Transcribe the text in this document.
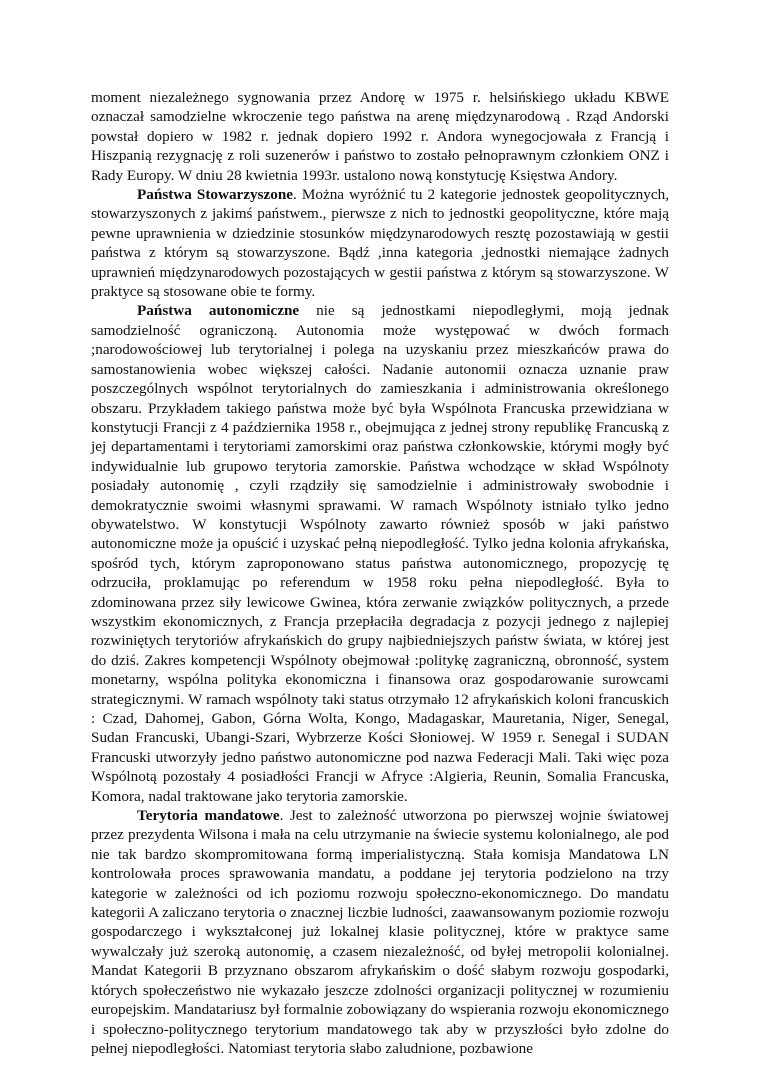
moment niezależnego sygnowania przez Andorę w 1975 r. helsińskiego układu KBWE oznaczał samodzielne wkroczenie tego państwa na arenę międzynarodową . Rząd Andorski powstał dopiero w 1982 r. jednak dopiero 1992 r. Andora wynegocjowała z Francją i Hiszpanią rezygnację z roli suzenerów i państwo to zostało pełnoprawnym członkiem ONZ i Rady Europy. W dniu 28 kwietnia 1993r. ustalono nową konstytucję Księstwa Andory.

Państwa Stowarzyszone. Można wyróżnić tu 2 kategorie jednostek geopolitycznych, stowarzyszonych z jakimś państwem., pierwsze z nich to jednostki geopolityczne, które mają pewne uprawnienia w dziedzinie stosunków międzynarodowych resztę pozostawiają w gestii państwa z którym są stowarzyszone. Bądź ,inna kategoria ,jednostki niemające żadnych uprawnień międzynarodowych pozostających w gestii państwa z którym są stowarzyszone. W praktyce są stosowane obie te formy.

Państwa autonomiczne nie są jednostkami niepodległymi, moją jednak samodzielność ograniczoną. Autonomia może występować w dwóch formach ;narodowościowej lub terytorialnej i polega na uzyskaniu przez mieszkańców prawa do samostanowienia wobec większej całości. Nadanie autonomii oznacza uznanie praw poszczególnych wspólnot terytorialnych do zamieszkania i administrowania określonego obszaru. Przykładem takiego państwa może być była Wspólnota Francuska przewidziana w konstytucji Francji z 4 października 1958 r., obejmująca z jednej strony republikę Francuską z jej departamentami i terytoriami zamorskimi oraz państwa członkowskie, którymi mogły być indywidualnie lub grupowo terytoria zamorskie. Państwa wchodzące w skład Wspólnoty posiadały autonomię , czyli rządziły się samodzielnie i administrowały swobodnie i demokratycznie swoimi własnymi sprawami. W ramach Wspólnoty istniało tylko jedno obywatelstwo. W konstytucji Wspólnoty zawarto również sposób w jaki państwo autonomiczne może ja opuścić i uzyskać pełną niepodległość. Tylko jedna kolonia afrykańska, spośród tych, którym zaproponowano status państwa autonomicznego, propozycję tę odrzuciła, proklamując po referendum w 1958 roku pełna niepodległość. Była to zdominowana przez siły lewicowe Gwinea, która zerwanie związków politycznych, a przede wszystkim ekonomicznych, z Francja przepłaciła degradacja z pozycji jednego z najlepiej rozwiniętych terytoriów afrykańskich do grupy najbiedniejszych państw świata, w której jest do dziś. Zakres kompetencji Wspólnoty obejmował :politykę zagraniczną, obronność, system monetarny, wspólna polityka ekonomiczna i finansowa oraz gospodarowanie surowcami strategicznymi. W ramach wspólnoty taki status otrzymało 12 afrykańskich koloni francuskich : Czad, Dahomej, Gabon, Górna Wolta, Kongo, Madagaskar, Mauretania, Niger, Senegal, Sudan Francuski, Ubangi-Szari, Wybrzerze Kości Słoniowej. W 1959 r. Senegal i SUDAN Francuski utworzyły jedno państwo autonomiczne pod nazwa Federacji Mali. Taki więc poza Wspólnotą pozostały 4 posiadłości Francji w Afryce :Algieria, Reunin, Somalia Francuska, Komora, nadal traktowane jako terytoria zamorskie.

Terytoria mandatowe. Jest to zależność utworzona po pierwszej wojnie światowej przez prezydenta Wilsona i mała na celu utrzymanie na świecie systemu kolonialnego, ale pod nie tak bardzo skompromitowana formą imperialistyczną. Stała komisja Mandatowa LN kontrolowała proces sprawowania mandatu, a poddane jej terytoria podzielono na trzy kategorie w zależności od ich poziomu rozwoju społeczno-ekonomicznego. Do mandatu kategorii A zaliczano terytoria o znacznej liczbie ludności, zaawansowanym poziomie rozwoju gospodarczego i wykształconej już lokalnej klasie politycznej, które w praktyce same wywalczały już szeroką autonomię, a czasem niezależność, od byłej metropolii kolonialnej. Mandat Kategorii B przyznano obszarom afrykańskim o dość słabym rozwoju gospodarki, których społeczeństwo nie wykazało jeszcze zdolności organizacji politycznej w rozumieniu europejskim. Mandatariusz był formalnie zobowiązany do wspierania rozwoju ekonomicznego i społeczno-politycznego terytorium mandatowego tak aby w przyszłości było zdolne do pełnej niepodległości. Natomiast terytoria słabo zaludnione, pozbawione
